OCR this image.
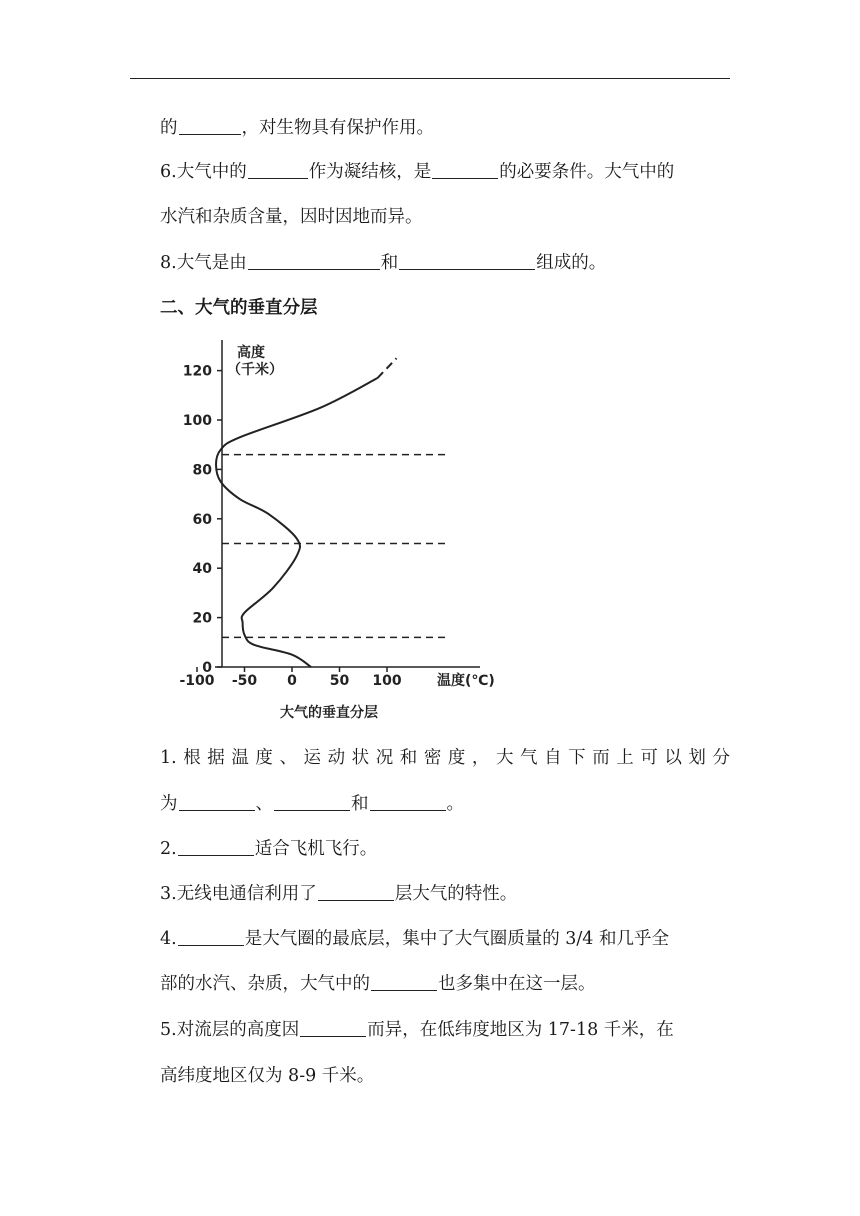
的	，对生物具有保护作用。
6.大气中的	作为凝结核，是	的必要条件。大气中的
水汽和杂质含量，因时因地而异。
8.大气是由	和	组成的。
二、大气的垂直分层
0
20
40
60
80
100
120
-100 -50 0 50 100
高度
（千米）
温度(℃)
大气的垂直分层
1.根据温度、运动状况和密度，大气自下而上可以划分
为	、	和	。
2.	适合飞机飞行。
3.无线电通信利用了	层大气的特性。
4.	是大气圈的最底层，集中了大气圈质量的 3/4 和几乎全
部的水汽、杂质，大气中的	也多集中在这一层。
5.对流层的高度因	而异，在低纬度地区为 17-18 千米，在
高纬度地区仅为 8-9 千米。
